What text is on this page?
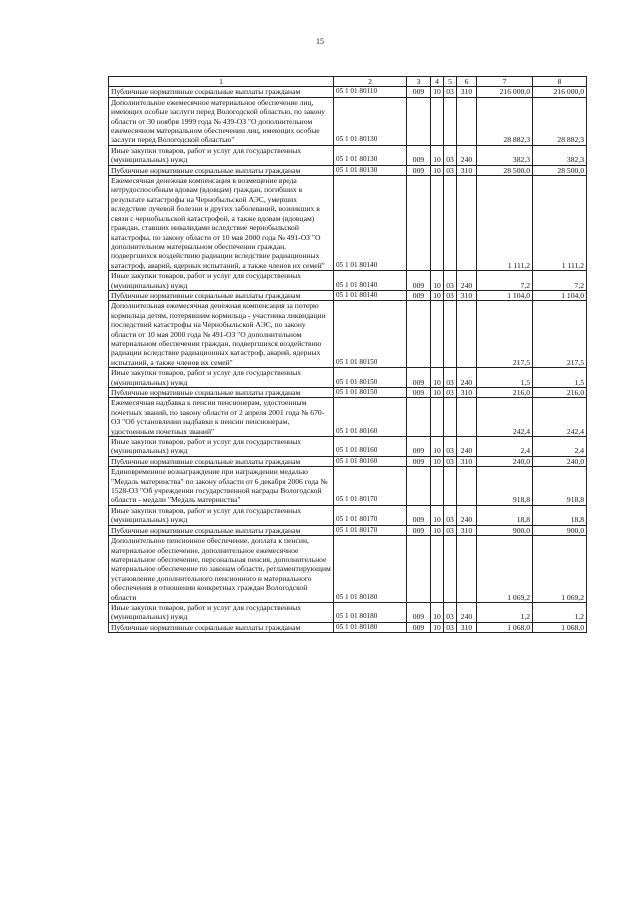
15
1	2	3	4	5	6	7	8
Публичные нормативные социальные выплаты гражданам	05 1 01 80110	009	10	03	310	216 000,0	216 000,0
Дополнительное ежемесячное материальное обеспечение лиц, имеющих особые заслуги перед Вологодской областью, по закону области от 30 ноября 1999 года № 439-ОЗ "О дополнительном ежемесячном материальном обеспечении лиц, имеющих особые заслуги перед Вологодской областью"	05 1 01 80130					28 882,3	28 882,3
Иные закупки товаров, работ и услуг для государственных (муниципальных) нужд	05 1 01 80130	009	10	03	240	382,3	382,3
Публичные нормативные социальные выплаты гражданам	05 1 01 80130	009	10	03	310	28 500,0	28 500,0
Ежемесячная денежная компенсация в возмещение вреда нетрудоспособным вдовам (вдовцам) граждан, погибших в результате катастрофы на Чернобыльской АЭС, умерших вследствие лучевой болезни и других заболеваний, возникших в связи с чернобыльской катастрофой, а также вдовам (вдовцам) граждан, ставших инвалидами вследствие чернобыльской катастрофы, по закону области от 10 мая 2000 года № 491-ОЗ "О дополнительном материальном обеспечении граждан, подвергшихся воздействию радиации вследствие радиационных катастроф, аварий, ядерных испытаний, а также членов их семей"	05 1 01 80140					1 111,2	1 111,2
Иные закупки товаров, работ и услуг для государственных (муниципальных) нужд	05 1 01 80140	009	10	03	240	7,2	7,2
Публичные нормативные социальные выплаты гражданам	05 1 01 80140	009	10	03	310	1 104,0	1 104,0
Дополнительная ежемесячная денежная компенсация за потерю кормильца детям, потерявшим кормильца - участника ликвидации последствий катастрофы на Чернобыльской АЭС, по закону области от 10 мая 2000 года № 491-ОЗ "О дополнительном материальном обеспечении граждан, подвергшихся воздействию радиации вследствие радиационных катастроф, аварий, ядерных испытаний, а также членов их семей"	05 1 01 80150					217,5	217,5
Иные закупки товаров, работ и услуг для государственных (муниципальных) нужд	05 1 01 80150	009	10	03	240	1,5	1,5
Публичные нормативные социальные выплаты гражданам	05 1 01 80150	009	10	03	310	216,0	216,0
Ежемесячная надбавка к пенсии пенсионерам, удостоенным почетных званий, по закону области от 2 апреля 2001 года № 670-ОЗ "Об установлении надбавки к пенсии пенсионерам, удостоенным почетных званий"	05 1 01 80160					242,4	242,4
Иные закупки товаров, работ и услуг для государственных (муниципальных) нужд	05 1 01 80160	009	10	03	240	2,4	2,4
Публичные нормативные социальные выплаты гражданам	05 1 01 80160	009	10	03	310	240,0	240,0
Единовременное вознаграждение при награждении медалью "Медаль материнства" по закону области от 6 декабря 2006 года № 1528-ОЗ "Об учреждении государственной награды Вологодской области - медали "Медаль материнства"	05 1 01 80170					918,8	918,8
Иные закупки товаров, работ и услуг для государственных (муниципальных) нужд	05 1 01 80170	009	10	03	240	18,8	18,8
Публичные нормативные социальные выплаты гражданам	05 1 01 80170	009	10	03	310	900,0	900,0
Дополнительное пенсионное обеспечение, доплата к пенсии, материальное обеспечение, дополнительное ежемесячное материальное обеспечение, персональная пенсия, дополнительное материальное обеспечение по законам области, регламентирующим установление дополнительного пенсионного и материального обеспечения в отношении конкретных граждан Вологодской области	05 1 01 80180					1 069,2	1 069,2
Иные закупки товаров, работ и услуг для государственных (муниципальных) нужд	05 1 01 80180	009	10	03	240	1,2	1,2
Публичные нормативные социальные выплаты гражданам	05 1 01 80180	009	10	03	310	1 068,0	1 068,0
